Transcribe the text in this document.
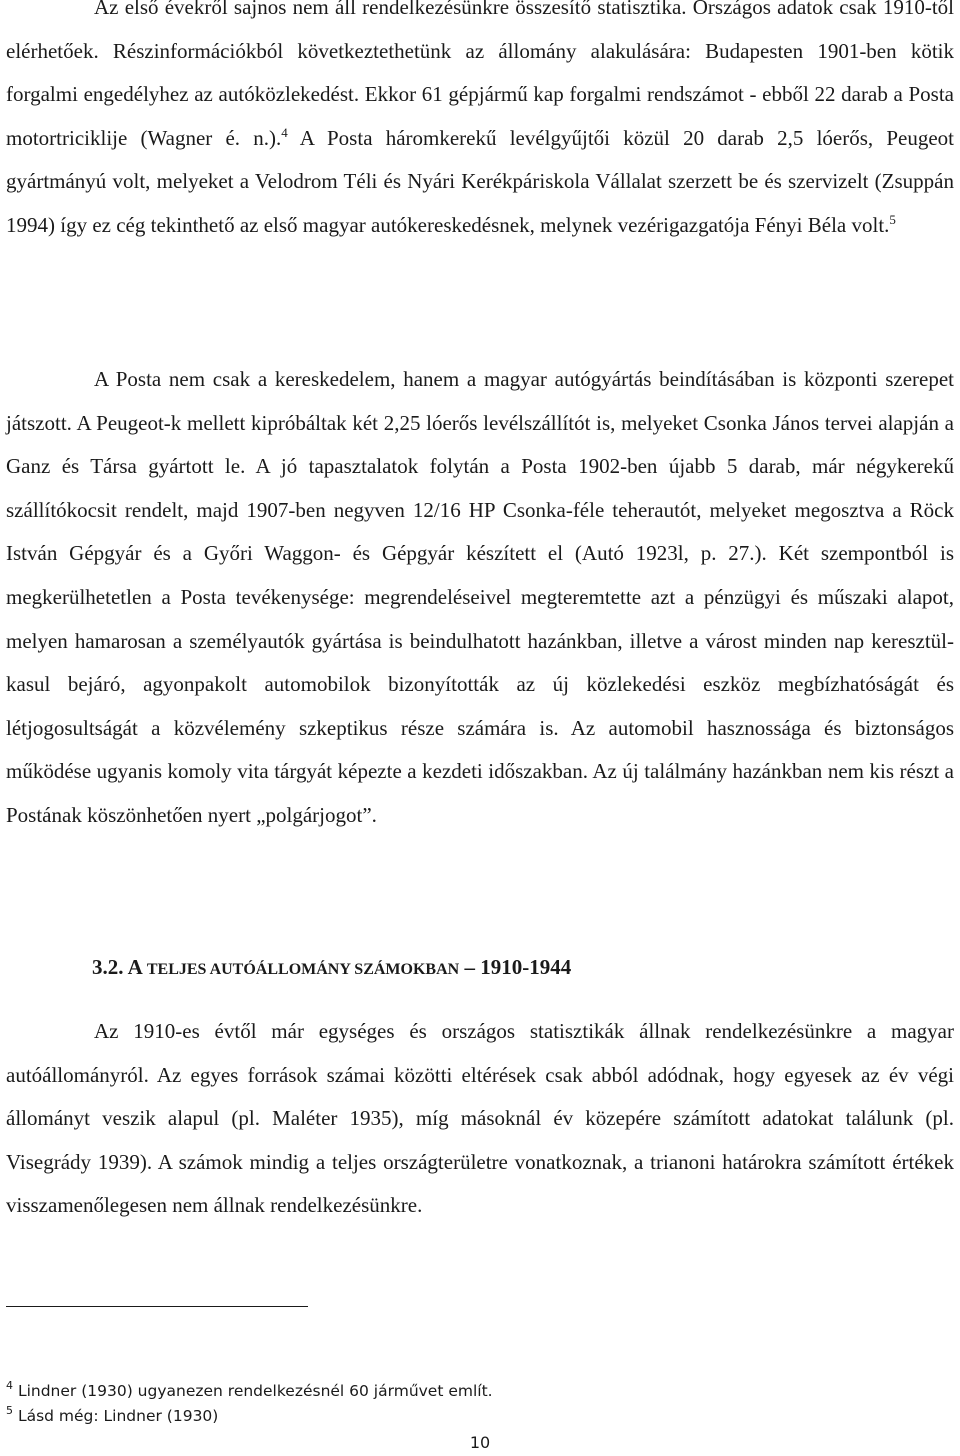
Az első évekről sajnos nem áll rendelkezésünkre összesítő statisztika. Országos adatok csak 1910-től elérhetőek. Részinformációkból következtethetünk az állomány alakulására: Budapesten 1901-ben kötik forgalmi engedélyhez az autóközlekedést. Ekkor 61 gépjármű kap forgalmi rendszámot - ebből 22 darab a Posta motortriciklije (Wagner é. n.).$^4$ A Posta háromkerekű levélgyűjtői közül 20 darab 2,5 lóerős, Peugeot gyártmányú volt, melyeket a Velodrom Téli és Nyári Kerékpáriskola Vállalat szerzett be és szervizelt (Zsuppán 1994) így ez cég tekinthető az első magyar autókereskedésnek, melynek vezérigazgatója Fényi Béla volt.$^5$

A Posta nem csak a kereskedelem, hanem a magyar autógyártás beindításában is központi szerepet játszott. A Peugeot-k mellett kipróbáltak két 2,25 lóerős levélszállítót is, melyeket Csonka János tervei alapján a Ganz és Társa gyártott le. A jó tapasztalatok folytán a Posta 1902-ben újabb 5 darab, már négykerekű szállítókocsit rendelt, majd 1907-ben negyven 12/16 HP Csonka-féle teherautót, melyeket megosztva a Röck István Gépgyár és a Győri Waggon- és Gépgyár készített el (Autó 1923l, p. 27.). Két szempontból is megkerülhetetlen a Posta tevékenysége: megrendeléseivel megteremtette azt a pénzügyi és műszaki alapot, melyen hamarosan a személyautók gyártása is beindulhatott hazánkban, illetve a várost minden nap keresztül-kasul bejáró, agyonpakolt automobilok bizonyították az új közlekedési eszköz megbízhatóságát és létjogosultságát a közvélemény szkeptikus része számára is. Az automobil hasznossága és biztonságos működése ugyanis komoly vita tárgyát képezte a kezdeti időszakban. Az új találmány hazánkban nem kis részt a Postának köszönhetően nyert „polgárjogot”.

3.2. A TELJES AUTÓÁLLOMÁNY SZÁMOKBAN – 1910-1944

Az 1910-es évtől már egységes és országos statisztikák állnak rendelkezésünkre a magyar autóállományról. Az egyes források számai közötti eltérések csak abból adódnak, hogy egyesek az év végi állományt veszik alapul (pl. Maléter 1935), míg másoknál év közepére számított adatokat találunk (pl. Visegrády 1939). A számok mindig a teljes országterületre vonatkoznak, a trianoni határokra számított értékek visszamenőlegesen nem állnak rendelkezésünkre.

$^4$ Lindner (1930) ugyanezen rendelkezésnél 60 járművet említ.

$^5$ Lásd még: Lindner (1930)

10
